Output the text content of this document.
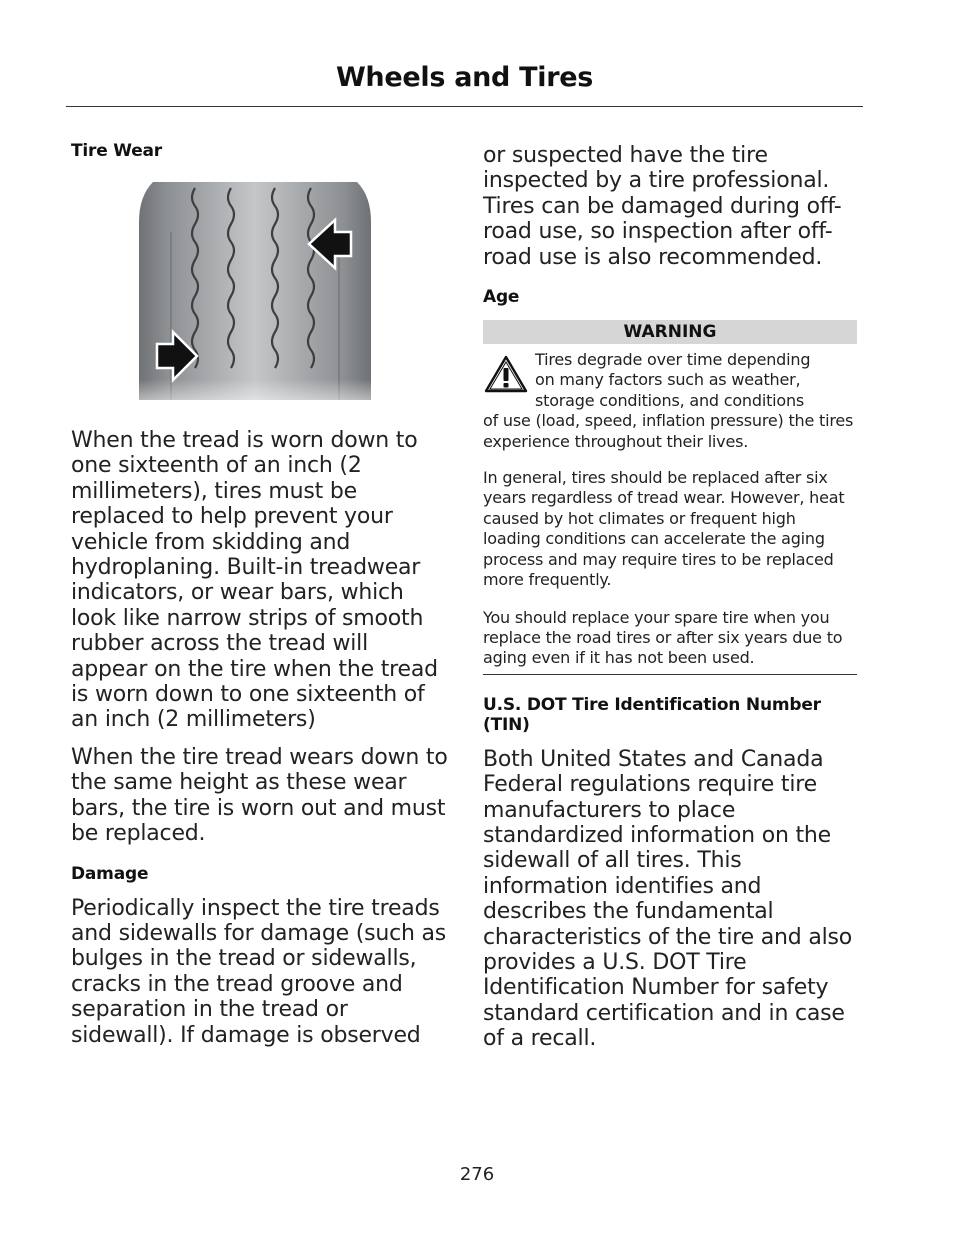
Wheels and Tires
Tire Wear

When the tread is worn down to one sixteenth of an inch (2 millimeters), tires must be replaced to help prevent your vehicle from skidding and hydroplaning. Built-in treadwear indicators, or wear bars, which look like narrow strips of smooth rubber across the tread will appear on the tire when the tread is worn down to one sixteenth of an inch (2 millimeters)

When the tire tread wears down to the same height as these wear bars, the tire is worn out and must be replaced.

Damage

Periodically inspect the tire treads and sidewalls for damage (such as bulges in the tread or sidewalls, cracks in the tread groove and separation in the tread or sidewall). If damage is observed

or suspected have the tire inspected by a tire professional. Tires can be damaged during off-road use, so inspection after off-road use is also recommended.

Age
WARNING
Tires degrade over time depending
on many factors such as weather,
storage conditions, and conditions
of use (load, speed, inflation pressure) the tires experience throughout their lives.

In general, tires should be replaced after six years regardless of tread wear. However, heat caused by hot climates or frequent high loading conditions can accelerate the aging process and may require tires to be replaced more frequently.

You should replace your spare tire when you replace the road tires or after six years due to aging even if it has not been used.

U.S. DOT Tire Identification Number (TIN)

Both United States and Canada Federal regulations require tire manufacturers to place standardized information on the sidewall of all tires. This information identifies and describes the fundamental characteristics of the tire and also provides a U.S. DOT Tire Identification Number for safety standard certification and in case of a recall.

276
